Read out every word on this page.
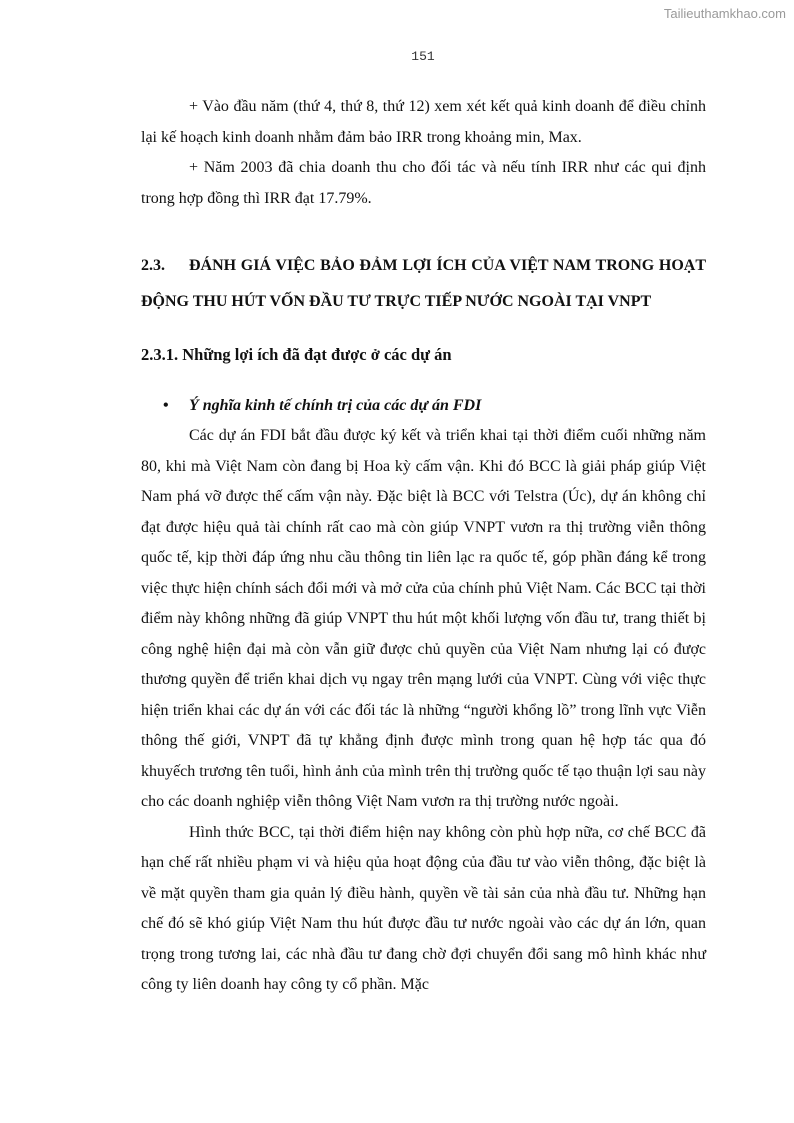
Tailieuthamkhao.com
151

+ Vào đầu năm (thứ 4, thứ 8, thứ 12) xem xét kết quả kinh doanh để điều chỉnh lại kế hoạch kinh doanh nhằm đảm bảo IRR trong khoảng min, Max.

+ Năm 2003 đã chia doanh thu cho đối tác và nếu tính IRR như các qui định trong hợp đồng thì IRR đạt 17.79%.

2.3. ĐÁNH GIÁ VIỆC BẢO ĐẢM LỢI ÍCH CỦA VIỆT NAM TRONG HOẠT ĐỘNG THU HÚT VỐN ĐẦU TƯ TRỰC TIẾP NƯỚC NGOÀI TẠI VNPT
2.3.1. Những lợi ích đã đạt được ở các dự án
• Ý nghĩa kinh tế chính trị của các dự án FDI

Các dự án FDI bắt đầu được ký kết và triển khai tại thời điểm cuối những năm 80, khi mà Việt Nam còn đang bị Hoa kỳ cấm vận. Khi đó BCC là giải pháp giúp Việt Nam phá vỡ được thế cấm vận này. Đặc biệt là BCC với Telstra (Úc), dự án không chỉ đạt được hiệu quả tài chính rất cao mà còn giúp VNPT vươn ra thị trường viễn thông quốc tế, kịp thời đáp ứng nhu cầu thông tin liên lạc ra quốc tế, góp phần đáng kể trong việc thực hiện chính sách đổi mới và mở cửa của chính phủ Việt Nam. Các BCC tại thời điểm này không những đã giúp VNPT thu hút một khối lượng vốn đầu tư, trang thiết bị công nghệ hiện đại mà còn vẫn giữ được chủ quyền của Việt Nam nhưng lại có được thương quyền để triển khai dịch vụ ngay trên mạng lưới của VNPT. Cùng với việc thực hiện triển khai các dự án với các đối tác là những “người khổng lồ” trong lĩnh vực Viễn thông thế giới, VNPT đã tự khẳng định được mình trong quan hệ hợp tác qua đó khuyếch trương tên tuổi, hình ảnh của mình trên thị trường quốc tế tạo thuận lợi sau này cho các doanh nghiệp viễn thông Việt Nam vươn ra thị trường nước ngoài.

Hình thức BCC, tại thời điểm hiện nay không còn phù hợp nữa, cơ chế BCC đã hạn chế rất nhiều phạm vi và hiệu qủa hoạt động của đầu tư vào viễn thông, đặc biệt là về mặt quyền tham gia quản lý điều hành, quyền về tài sản của nhà đầu tư. Những hạn chế đó sẽ khó giúp Việt Nam thu hút được đầu tư nước ngoài vào các dự án lớn, quan trọng trong tương lai, các nhà đầu tư đang chờ đợi chuyển đổi sang mô hình khác như công ty liên doanh hay công ty cổ phần. Mặc
